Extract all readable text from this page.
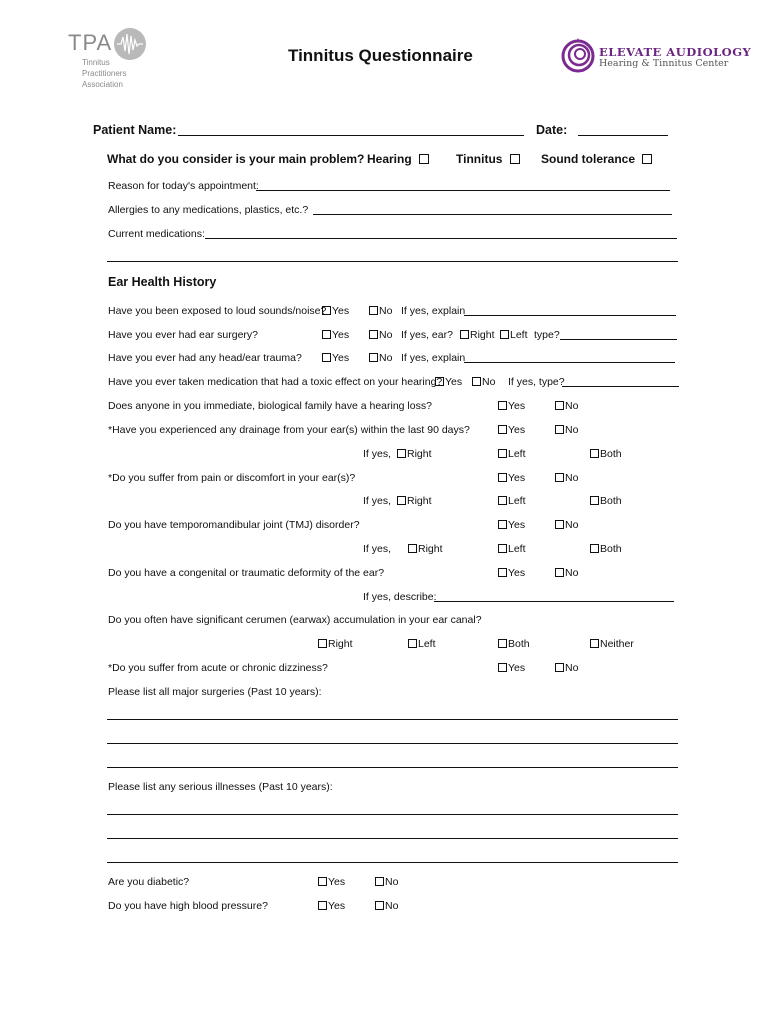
TPA
Tinnitus
Practitioners
Association
Tinnitus Questionnaire	ELEVATE AUDIOLOGY
Hearing & Tinnitus Center
Patient Name:	Date:
What do you consider is your main problem? Hearing	Tinnitus	Sound tolerance
Reason for today's appointment:
Allergies to any medications, plastics, etc.?
Current medications:
Ear Health History
Have you been exposed to loud sounds/noise? Yes	No If yes, explain
Have you ever had ear surgery?	Yes	No If yes, ear?	Right	Left type?
Have you ever had any head/ear trauma?	Yes	No If yes, explain
Have you ever taken medication that had a toxic effect on your hearing? Yes	No If yes, type?
Does anyone in you immediate, biological family have a hearing loss?	Yes	No
*Have you experienced any drainage from your ear(s) within the last 90 days?	Yes	No
If yes,	Right	Left	Both
*Do you suffer from pain or discomfort in your ear(s)?	Yes	No
If yes,	Right	Left	Both
Do you have temporomandibular joint (TMJ) disorder?	Yes	No
If yes,	Right	Left	Both
Do you have a congenital or traumatic deformity of the ear?	Yes	No
If yes, describe:
Do you often have significant cerumen (earwax) accumulation in your ear canal?
Right	Left	Both	Neither
*Do you suffer from acute or chronic dizziness?	Yes	No
Please list all major surgeries (Past 10 years):
Please list any serious illnesses (Past 10 years):
Are you diabetic?	Yes	No
Do you have high blood pressure?	Yes	No
